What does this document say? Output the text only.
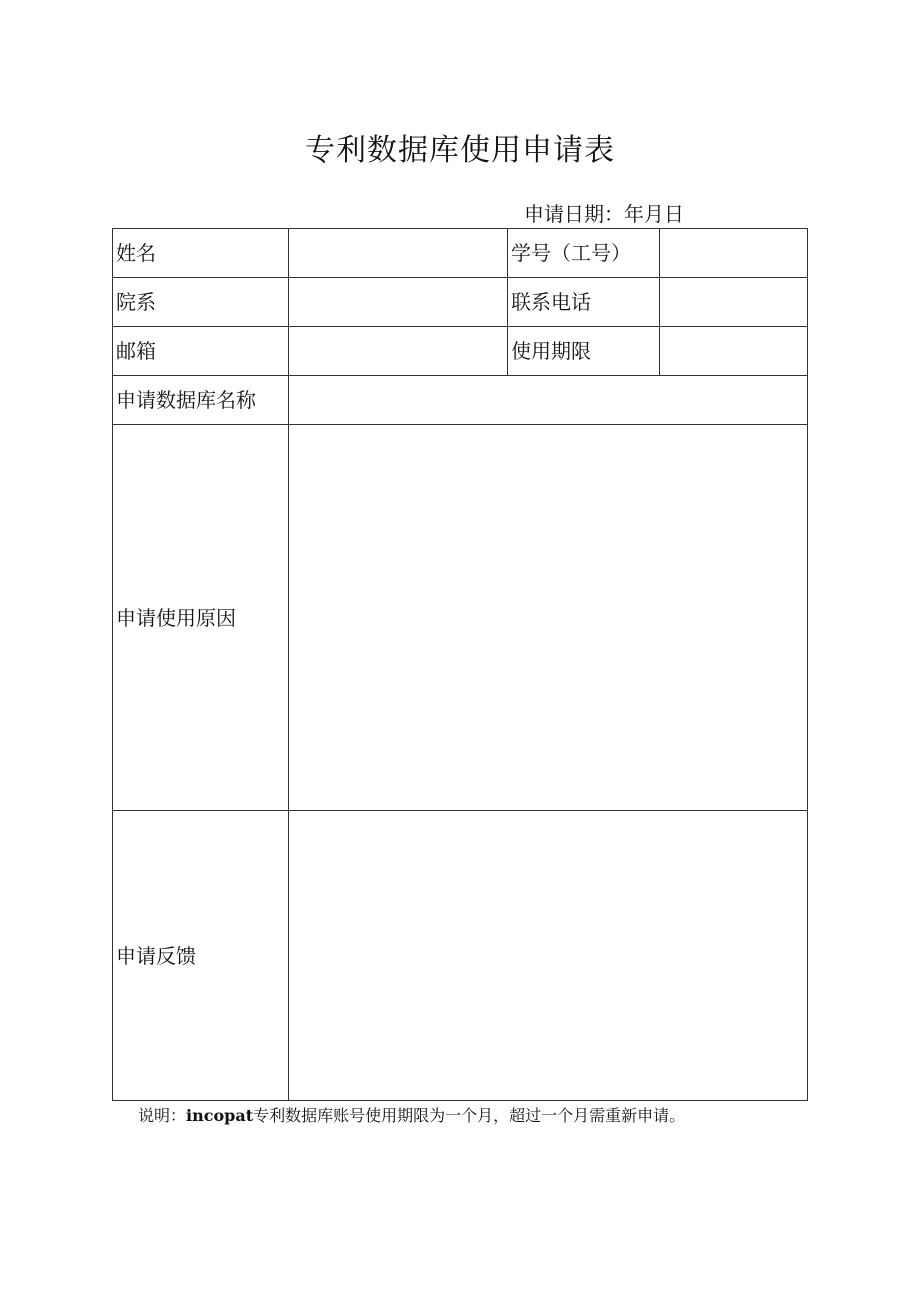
专利数据库使用申请表
申请日期：年月日
姓名		学号（工号）	
院系		联系电话	
邮箱		使用期限	
申请数据库名称			
申请使用原因			
申请反馈			
说明：incopat专利数据库账号使用期限为一个月，超过一个月需重新申请。
